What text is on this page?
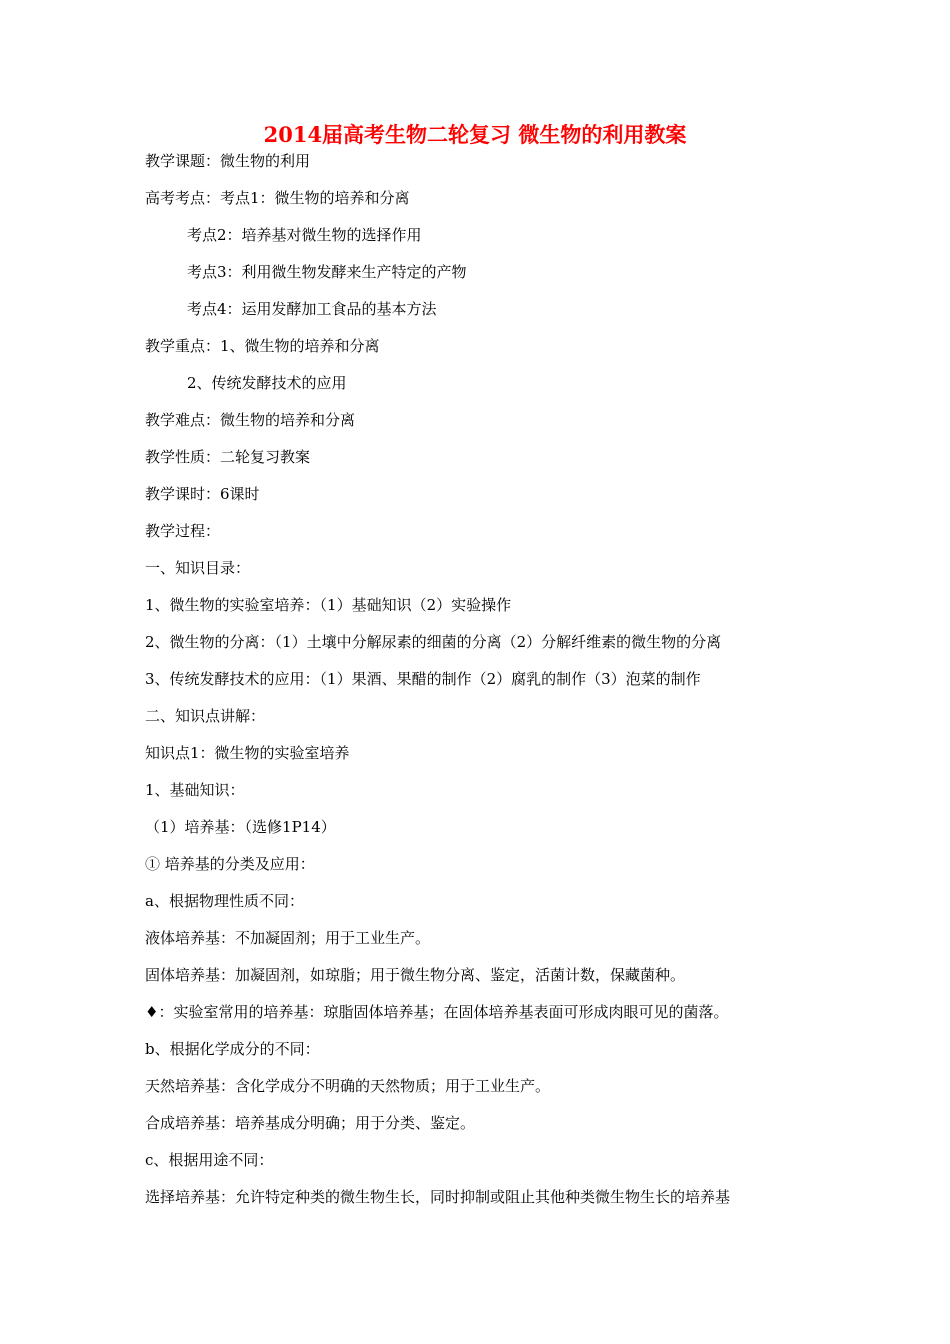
2014届高考生物二轮复习 微生物的利用教案
教学课题：微生物的利用
高考考点：考点1：微生物的培养和分离
考点2：培养基对微生物的选择作用
考点3：利用微生物发酵来生产特定的产物
考点4：运用发酵加工食品的基本方法
教学重点：1、微生物的培养和分离
2、传统发酵技术的应用
教学难点：微生物的培养和分离
教学性质：二轮复习教案
教学课时：6课时
教学过程：
一、知识目录：
1、微生物的实验室培养：（1）基础知识（2）实验操作
2、微生物的分离：（1）土壤中分解尿素的细菌的分离（2）分解纤维素的微生物的分离
3、传统发酵技术的应用：（1）果酒、果醋的制作（2）腐乳的制作（3）泡菜的制作
二、知识点讲解：
知识点1：微生物的实验室培养
1、基础知识：
（1）培养基：（选修1P14）
① 培养基的分类及应用：
a、根据物理性质不同：
液体培养基：不加凝固剂；用于工业生产。
固体培养基：加凝固剂，如琼脂；用于微生物分离、鉴定，活菌计数，保藏菌种。
♦：实验室常用的培养基：琼脂固体培养基；在固体培养基表面可形成肉眼可见的菌落。
b、根据化学成分的不同：
天然培养基：含化学成分不明确的天然物质；用于工业生产。
合成培养基：培养基成分明确；用于分类、鉴定。
c、根据用途不同：
选择培养基：允许特定种类的微生物生长，同时抑制或阻止其他种类微生物生长的培养基
